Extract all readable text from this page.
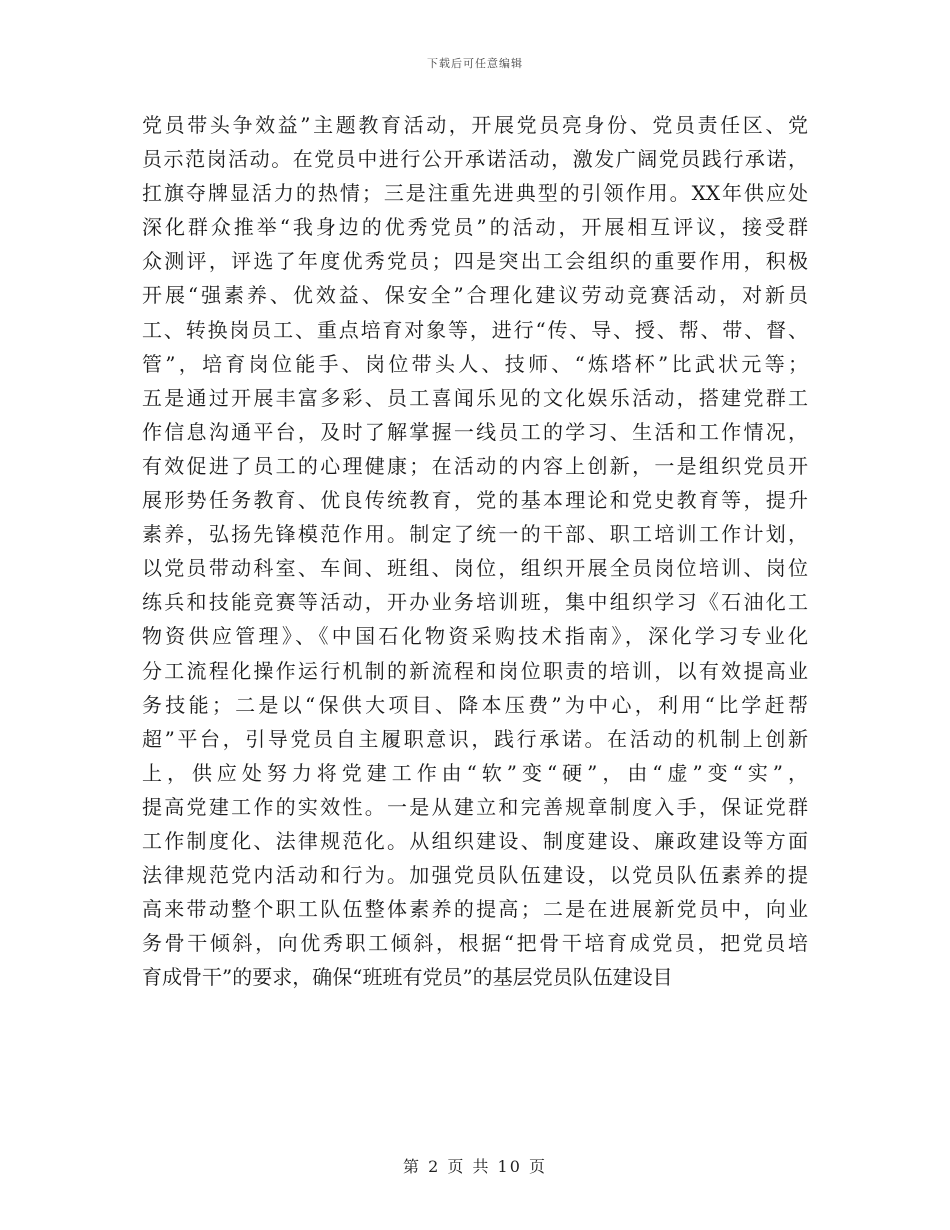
下载后可任意编辑
党员带头争效益”主题教育活动，开展党员亮身份、党员责任区、党
员示范岗活动。在党员中进行公开承诺活动，激发广阔党员践行承诺，
扛旗夺牌显活力的热情；三是注重先进典型的引领作用。XX年供应处
深化群众推举“我身边的优秀党员”的活动，开展相互评议，接受群
众测评，评选了年度优秀党员；四是突出工会组织的重要作用，积极
开展“强素养、优效益、保安全”合理化建议劳动竞赛活动，对新员
工、转换岗员工、重点培育对象等，进行“传、导、授、帮、带、督、
管”，培育岗位能手、岗位带头人、技师、“炼塔杯”比武状元等；
五是通过开展丰富多彩、员工喜闻乐见的文化娱乐活动，搭建党群工
作信息沟通平台，及时了解掌握一线员工的学习、生活和工作情况，
有效促进了员工的心理健康；在活动的内容上创新，一是组织党员开
展形势任务教育、优良传统教育，党的基本理论和党史教育等，提升
素养，弘扬先锋模范作用。制定了统一的干部、职工培训工作计划，
以党员带动科室、车间、班组、岗位，组织开展全员岗位培训、岗位
练兵和技能竞赛等活动，开办业务培训班，集中组织学习《石油化工
物资供应管理》、《中国石化物资采购技术指南》，深化学习专业化
分工流程化操作运行机制的新流程和岗位职责的培训，以有效提高业
务技能；二是以“保供大项目、降本压费”为中心，利用“比学赶帮
超”平台，引导党员自主履职意识，践行承诺。在活动的机制上创新
上，供应处努力将党建工作由“软”变“硬”，由“虚”变“实”，
提高党建工作的实效性。一是从建立和完善规章制度入手，保证党群
工作制度化、法律规范化。从组织建设、制度建设、廉政建设等方面
法律规范党内活动和行为。加强党员队伍建设，以党员队伍素养的提
高来带动整个职工队伍整体素养的提高；二是在进展新党员中，向业
务骨干倾斜，向优秀职工倾斜，根据“把骨干培育成党员，把党员培
育成骨干”的要求，确保“班班有党员”的基层党员队伍建设目
第 2 页 共 10 页
